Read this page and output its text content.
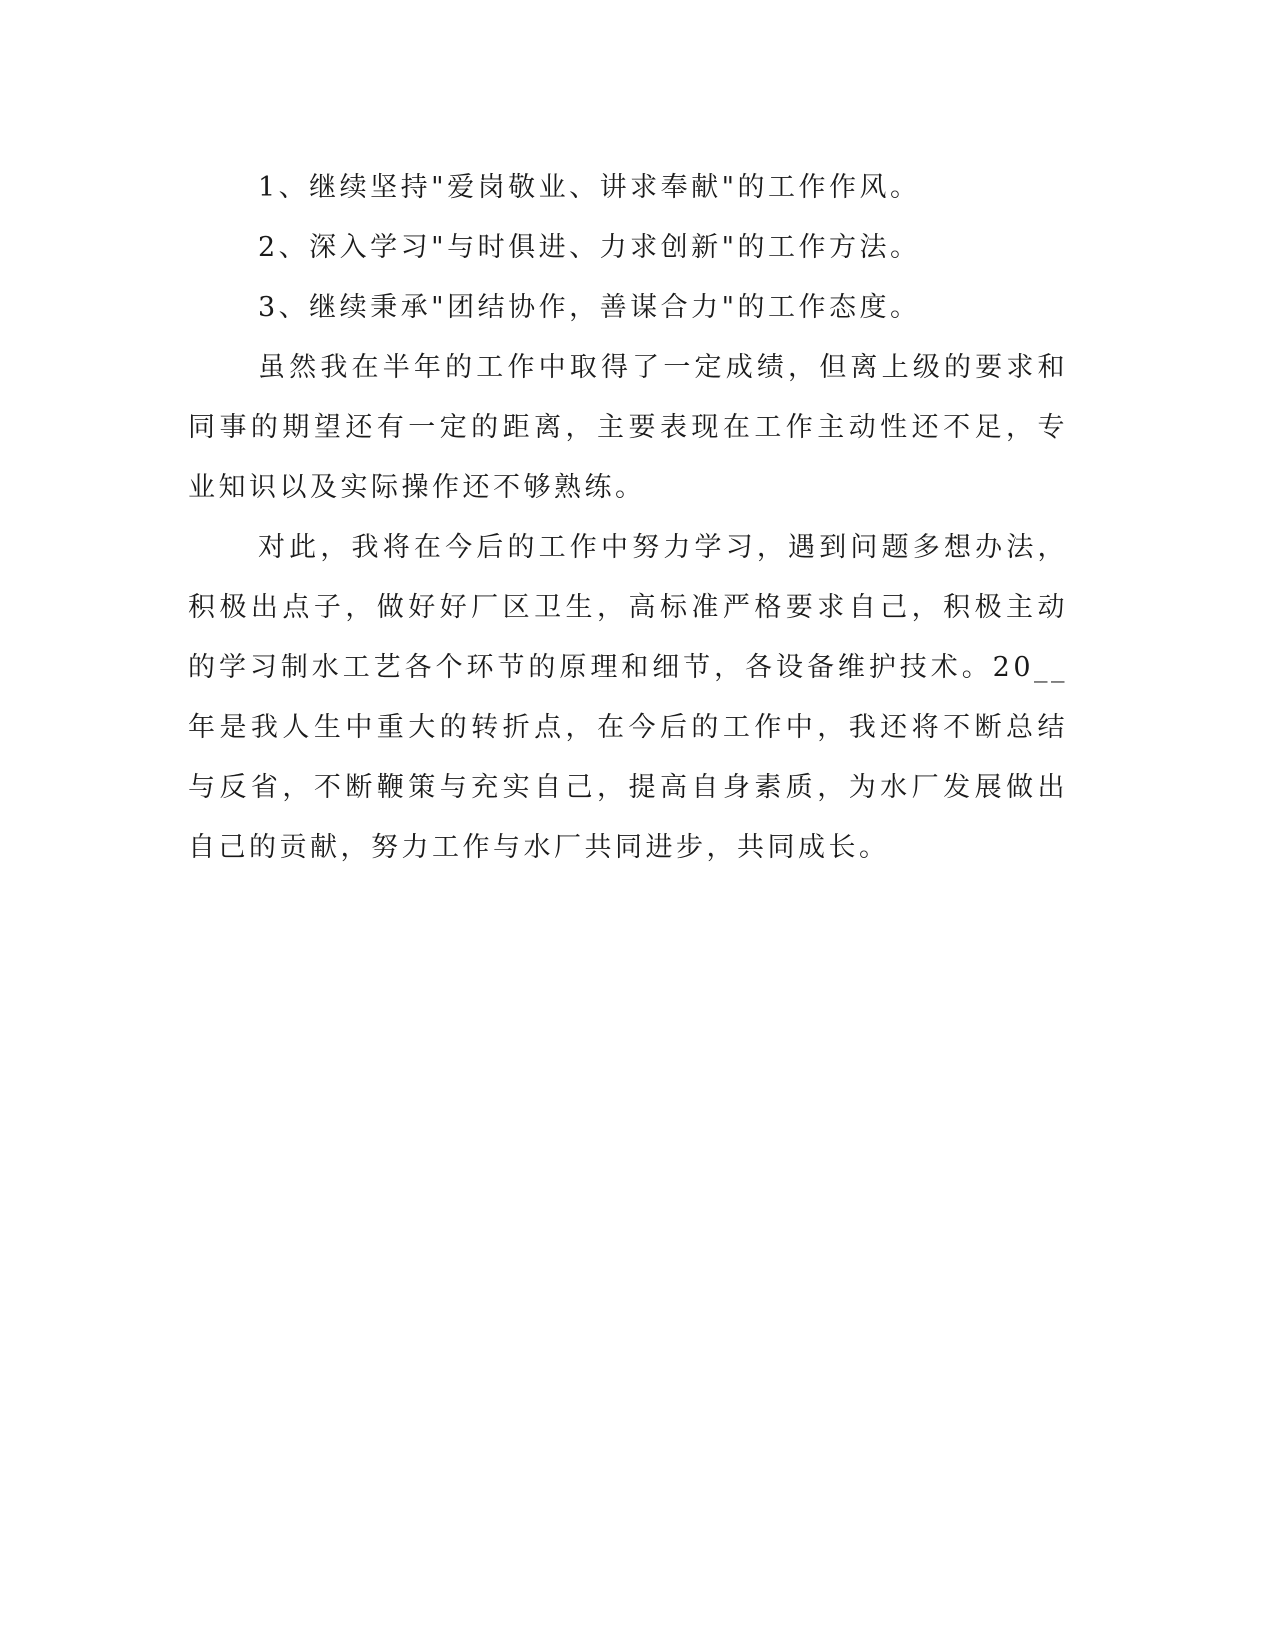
1、继续坚持"爱岗敬业、讲求奉献"的工作作风。

2、深入学习"与时俱进、力求创新"的工作方法。

3、继续秉承"团结协作，善谋合力"的工作态度。

虽然我在半年的工作中取得了一定成绩，但离上级的要求和同事的期望还有一定的距离，主要表现在工作主动性还不足，专业知识以及实际操作还不够熟练。

对此，我将在今后的工作中努力学习，遇到问题多想办法，积极出点子，做好好厂区卫生，高标准严格要求自己，积极主动的学习制水工艺各个环节的原理和细节，各设备维护技术。20__年是我人生中重大的转折点，在今后的工作中，我还将不断总结与反省，不断鞭策与充实自己，提高自身素质，为水厂发展做出自己的贡献，努力工作与水厂共同进步，共同成长。
